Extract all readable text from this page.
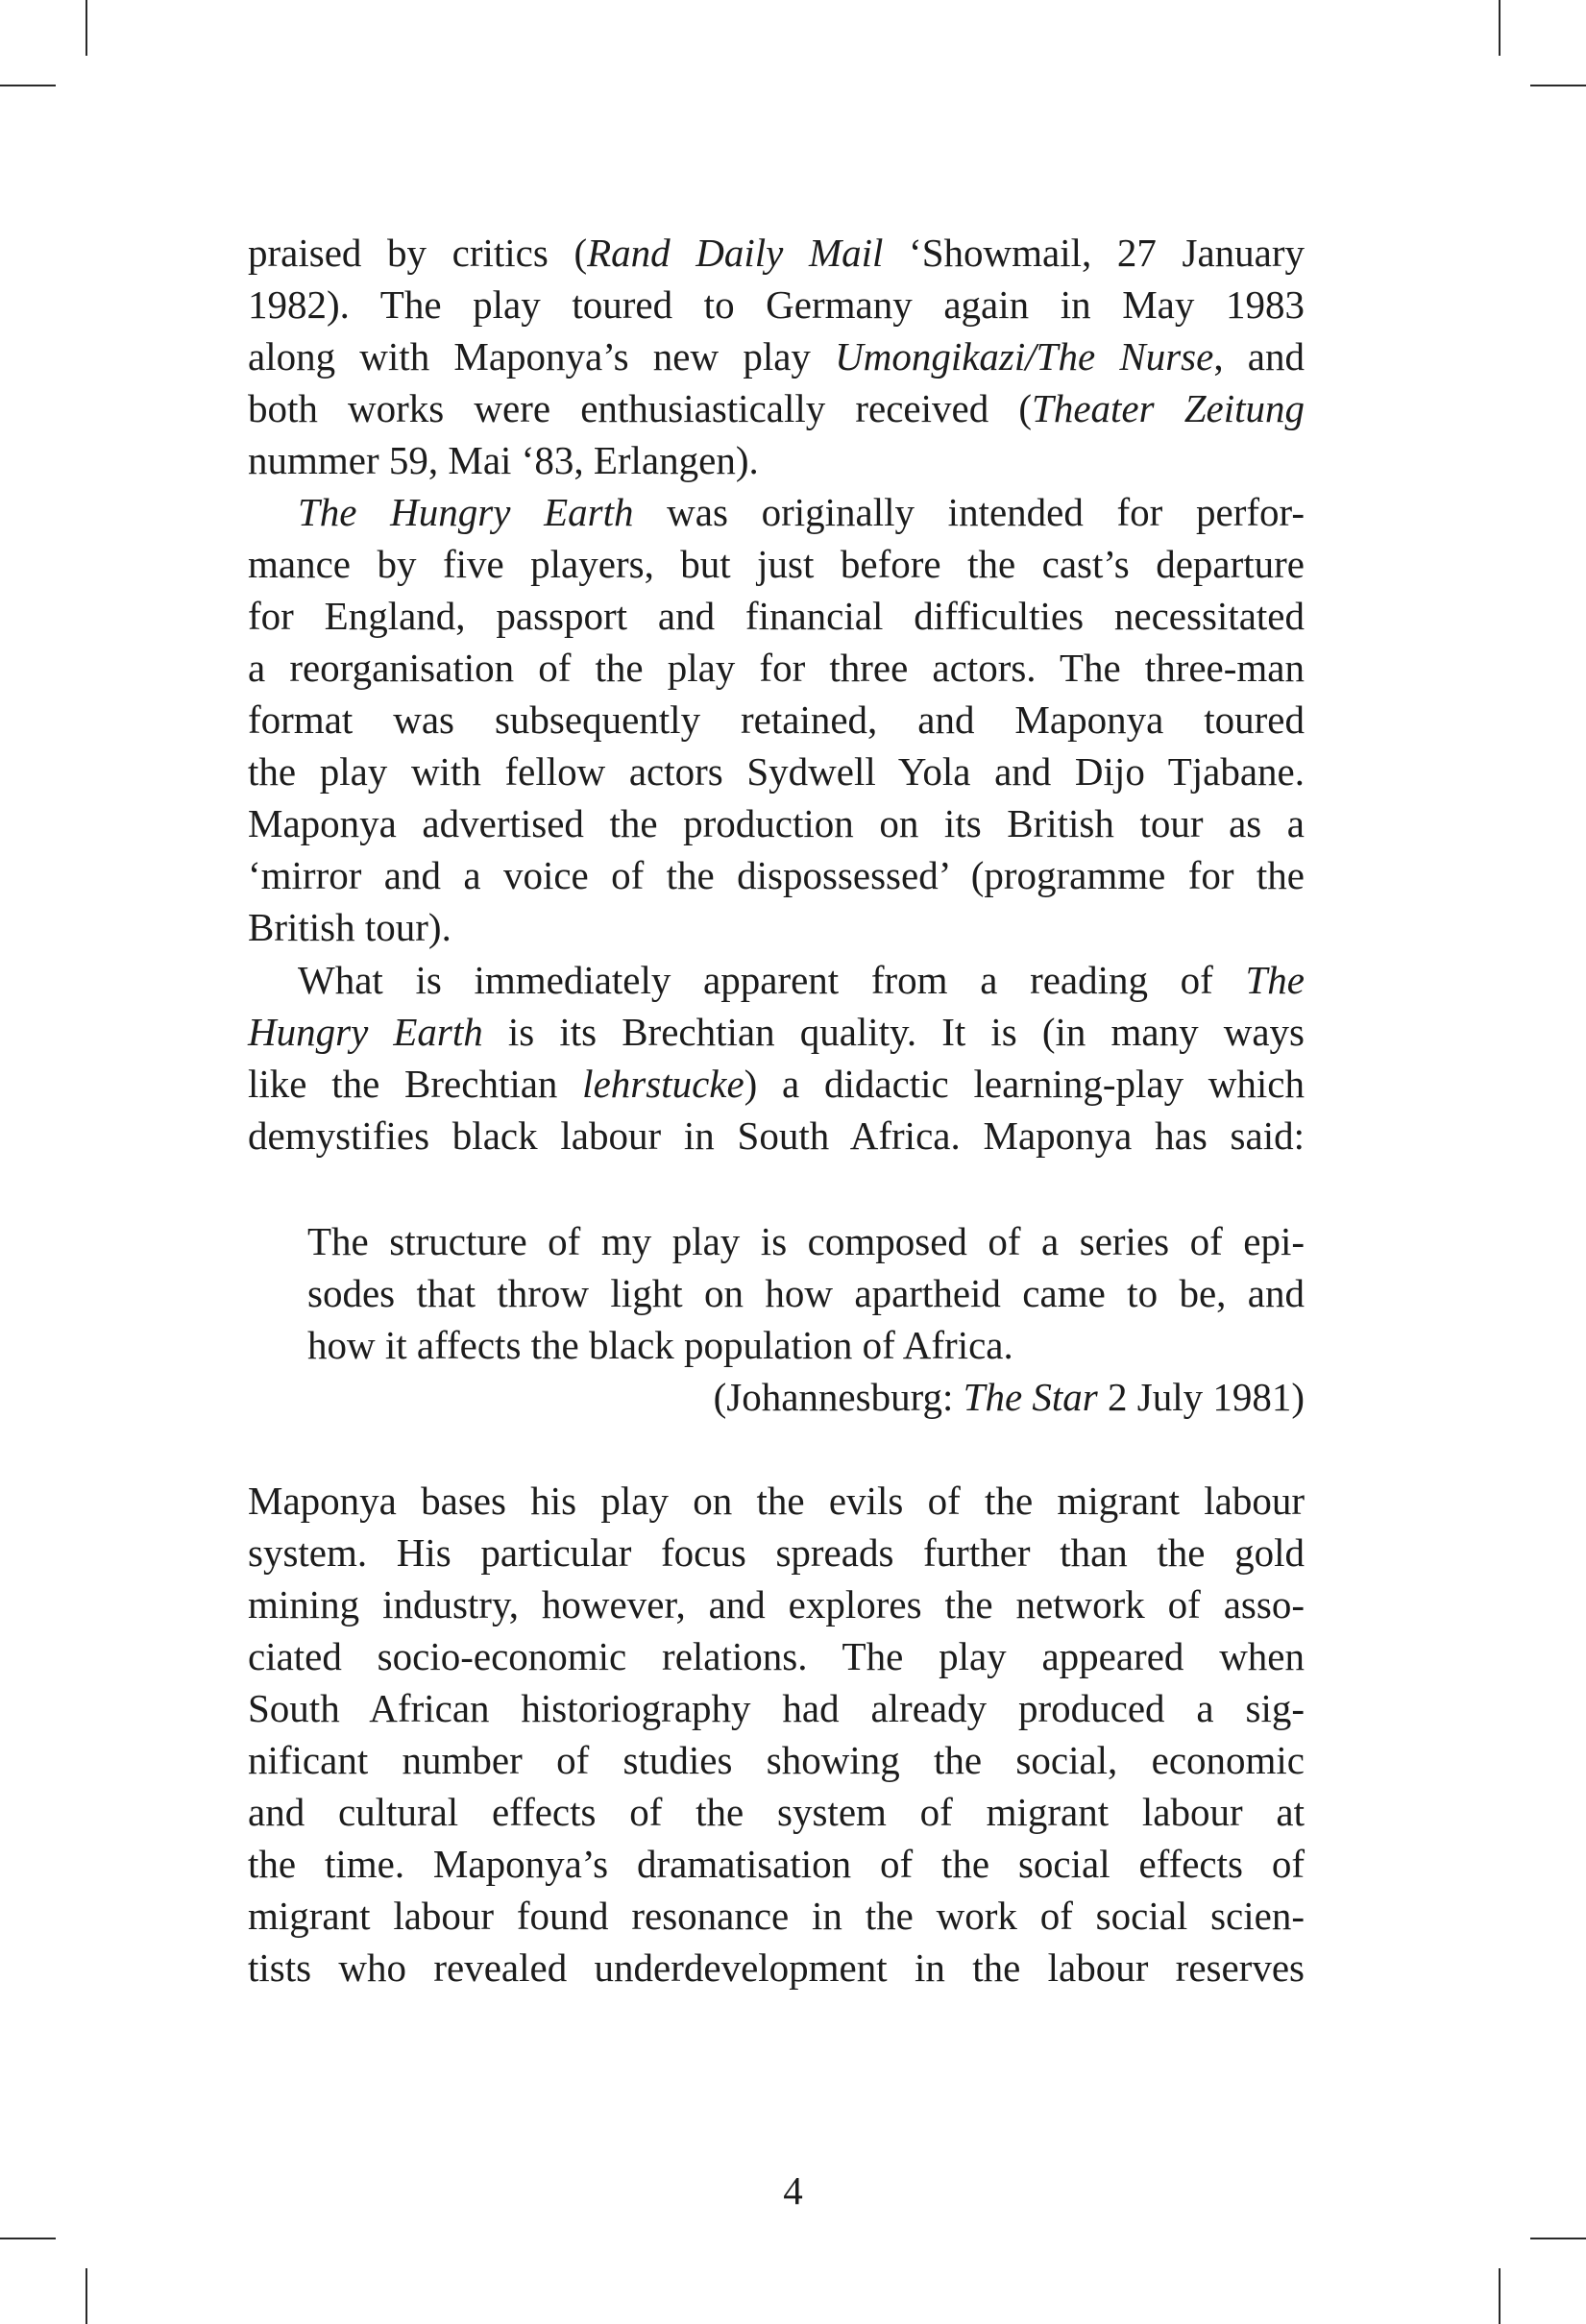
praised by critics (Rand Daily Mail ‘Showmail, 27 January
1982). The play toured to Germany again in May 1983
along with Maponya’s new play Umongikazi/The Nurse, and
both works were enthusiastically received (Theater Zeitung
nummer 59, Mai ‘83, Erlangen).
The Hungry Earth was originally intended for perfor-
mance by five players, but just before the cast’s departure
for England, passport and financial difficulties necessitated
a reorganisation of the play for three actors. The three-man
format was subsequently retained, and Maponya toured
the play with fellow actors Sydwell Yola and Dijo Tjabane.
Maponya advertised the production on its British tour as a
‘mirror and a voice of the dispossessed’ (programme for the
British tour).
What is immediately apparent from a reading of The
Hungry Earth is its Brechtian quality. It is (in many ways
like the Brechtian lehrstucke) a didactic learning-play which
demystifies black labour in South Africa. Maponya has said:
The structure of my play is composed of a series of epi-
sodes that throw light on how apartheid came to be, and
how it affects the black population of Africa.
(Johannesburg: The Star 2 July 1981)
Maponya bases his play on the evils of the migrant labour
system. His particular focus spreads further than the gold
mining industry, however, and explores the network of asso-
ciated socio-economic relations. The play appeared when
South African historiography had already produced a sig-
nificant number of studies showing the social, economic
and cultural effects of the system of migrant labour at
the time. Maponya’s dramatisation of the social effects of
migrant labour found resonance in the work of social scien-
tists who revealed underdevelopment in the labour reserves
4
